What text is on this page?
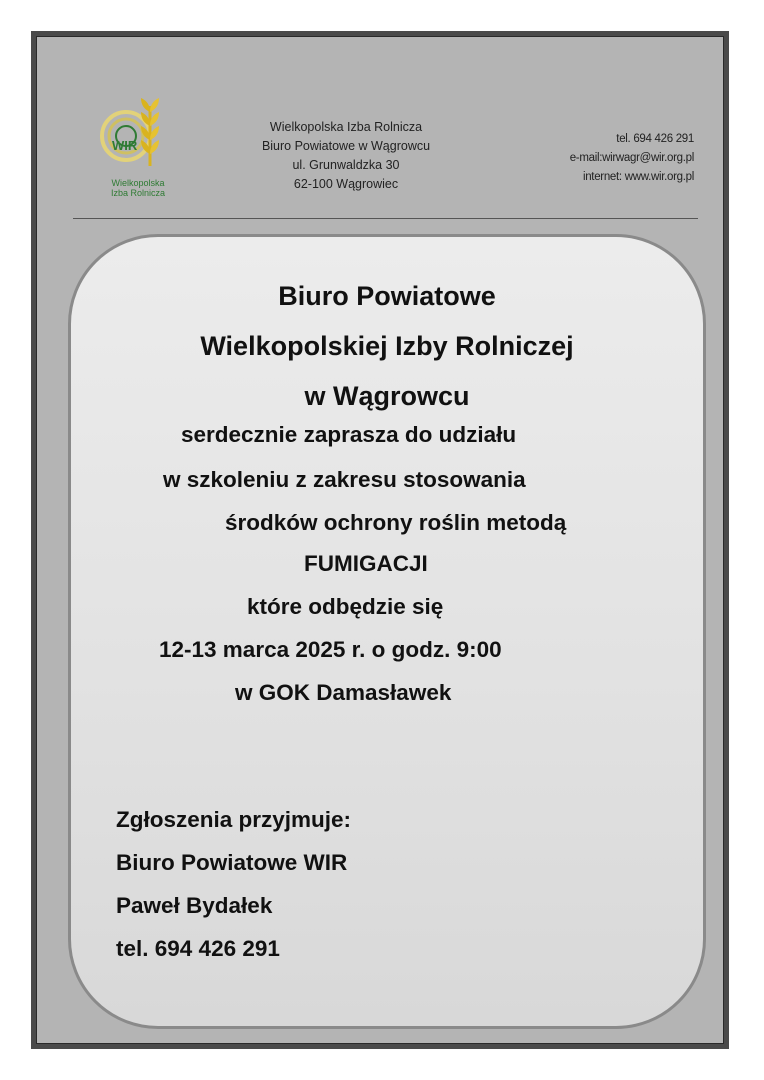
WIR
Wielkopolska
Izba Rolnicza
Wielkopolska Izba Rolnicza
Biuro Powiatowe w Wągrowcu
ul. Grunwaldzka 30
62-100 Wągrowiec
tel. 694 426 291
e-mail:wirwagr@wir.org.pl
internet: www.wir.org.pl
Biuro Powiatowe
Wielkopolskiej Izby Rolniczej
w Wągrowcu
serdecznie zaprasza do udziału
w szkoleniu z zakresu stosowania
środków ochrony roślin metodą
FUMIGACJI
które odbędzie się
12-13 marca 2025 r. o godz. 9:00
w GOK Damasławek
Zgłoszenia przyjmuje:
Biuro Powiatowe WIR
Paweł Bydałek
tel. 694 426 291
